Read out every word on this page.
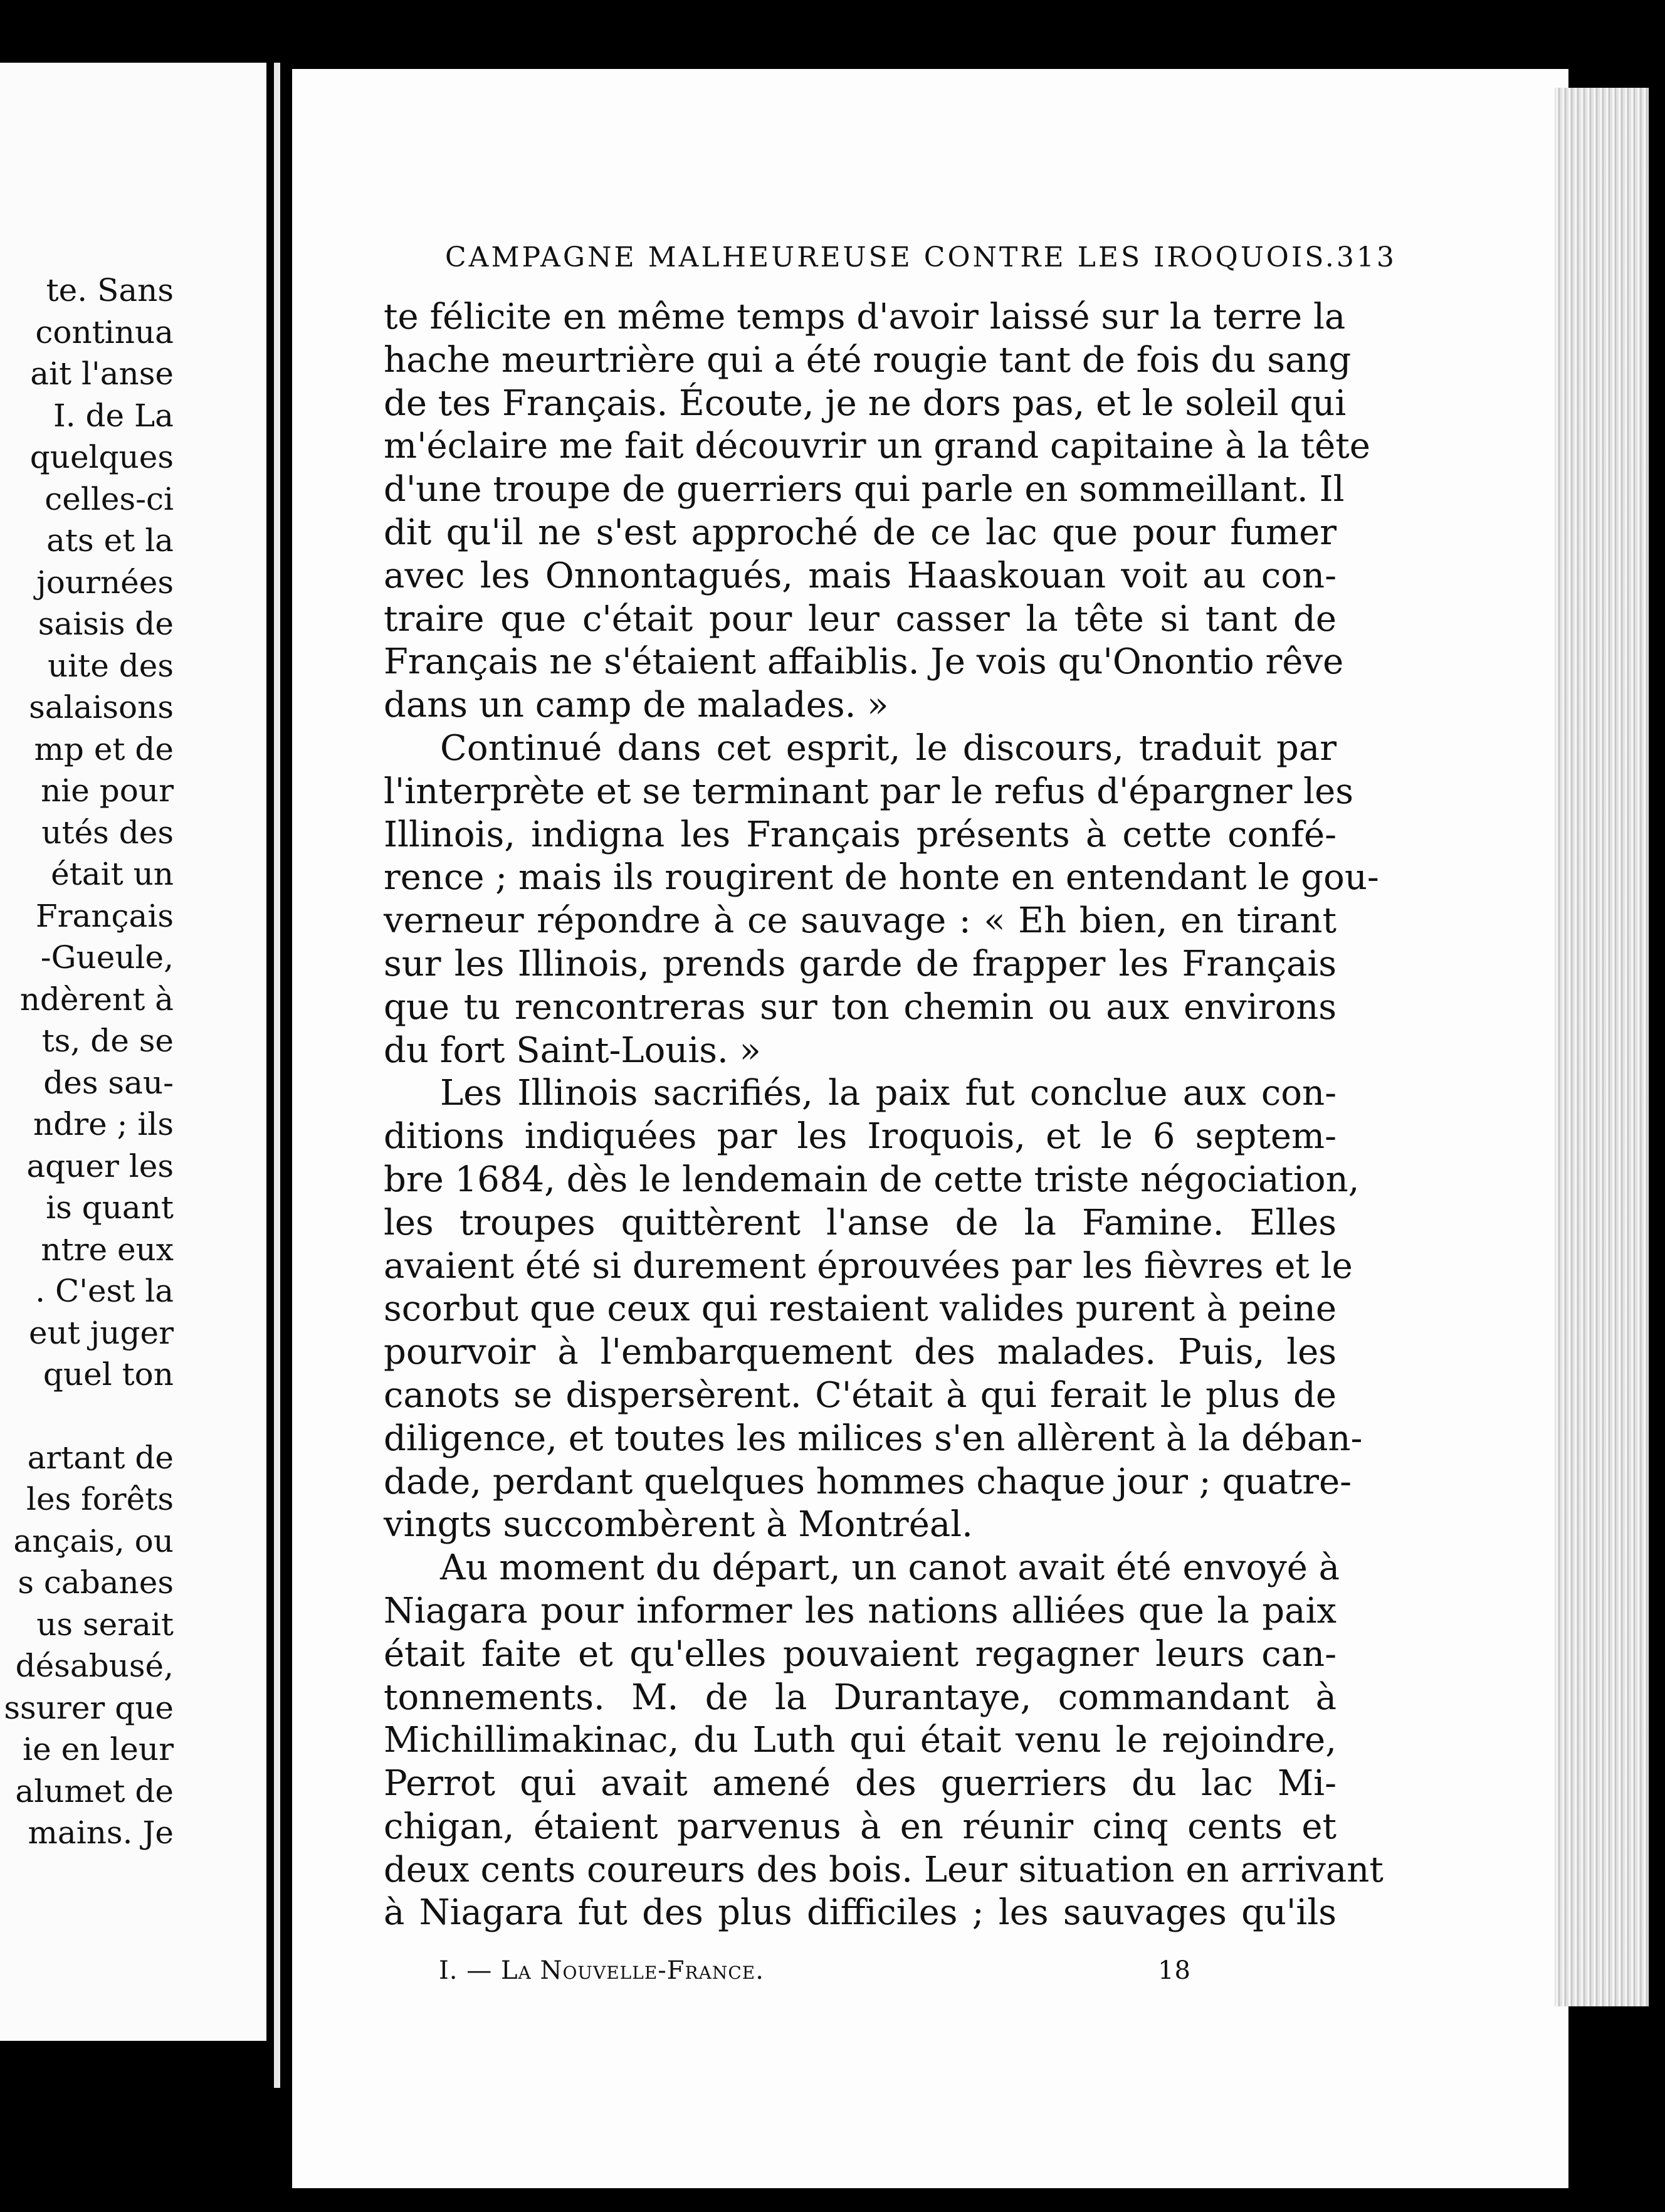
te. Sans
continua
ait l'anse
I. de La
quelques
celles-ci
ats et la
journées
saisis de
uite des
salaisons
mp et de
nie pour
utés des
était un
Français
-Gueule,
ndèrent à
ts, de se
des sau-
ndre ; ils
aquer les
is quant
ntre eux
. C'est la
eut juger
quel ton
artant de
les forêts
ançais, ou
s cabanes
us serait
désabusé,
ssurer que
ie en leur
alumet de
mains. Je
CAMPAGNE MALHEUREUSE CONTRE LES IROQUOIS. 313
te félicite en même temps d'avoir laissé sur la terre la
hache meurtrière qui a été rougie tant de fois du sang
de tes Français. Écoute, je ne dors pas, et le soleil qui
m'éclaire me fait découvrir un grand capitaine à la tête
d'une troupe de guerriers qui parle en sommeillant. Il
dit qu'il ne s'est approché de ce lac que pour fumer
avec les Onnontagués, mais Haaskouan voit au con-
traire que c'était pour leur casser la tête si tant de
Français ne s'étaient affaiblis. Je vois qu'Onontio rêve
dans un camp de malades. »
Continué dans cet esprit, le discours, traduit par
l'interprète et se terminant par le refus d'épargner les
Illinois, indigna les Français présents à cette confé-
rence ; mais ils rougirent de honte en entendant le gou-
verneur répondre à ce sauvage : « Eh bien, en tirant
sur les Illinois, prends garde de frapper les Français
que tu rencontreras sur ton chemin ou aux environs
du fort Saint-Louis. »
Les Illinois sacrifiés, la paix fut conclue aux con-
ditions indiquées par les Iroquois, et le 6 septem-
bre 1684, dès le lendemain de cette triste négociation,
les troupes quittèrent l'anse de la Famine. Elles
avaient été si durement éprouvées par les fièvres et le
scorbut que ceux qui restaient valides purent à peine
pourvoir à l'embarquement des malades. Puis, les
canots se dispersèrent. C'était à qui ferait le plus de
diligence, et toutes les milices s'en allèrent à la déban-
dade, perdant quelques hommes chaque jour ; quatre-
vingts succombèrent à Montréal.
Au moment du départ, un canot avait été envoyé à
Niagara pour informer les nations alliées que la paix
était faite et qu'elles pouvaient regagner leurs can-
tonnements. M. de la Durantaye, commandant à
Michillimakinac, du Luth qui était venu le rejoindre,
Perrot qui avait amené des guerriers du lac Mi-
chigan, étaient parvenus à en réunir cinq cents et
deux cents coureurs des bois. Leur situation en arrivant
à Niagara fut des plus difficiles ; les sauvages qu'ils
I. — La Nouvelle-France.	18
